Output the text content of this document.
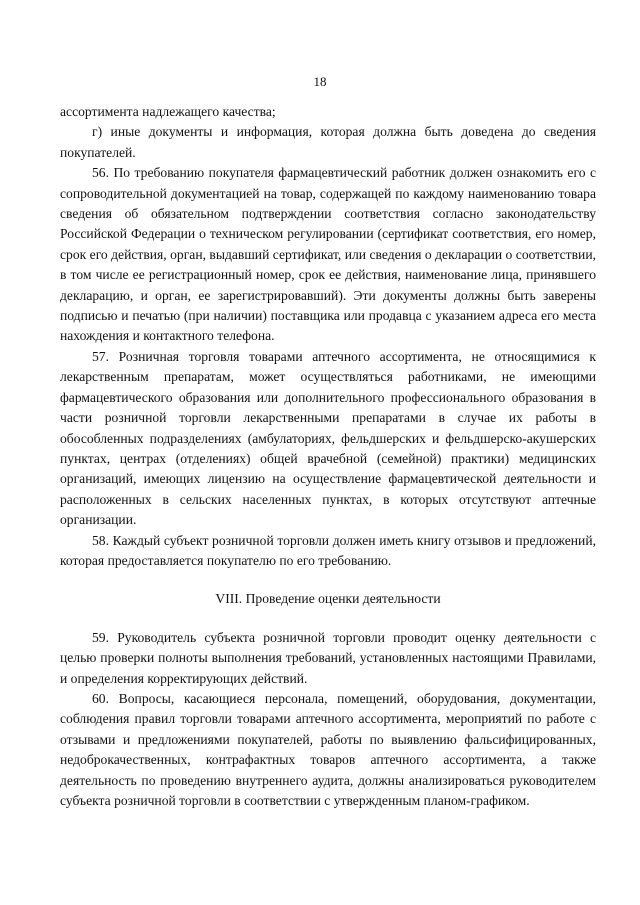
18

ассортимента надлежащего качества;

г) иные документы и информация, которая должна быть доведена до сведения покупателей.

56. По требованию покупателя фармацевтический работник должен ознакомить его с сопроводительной документацией на товар, содержащей по каждому наименованию товара сведения об обязательном подтверждении соответствия согласно законодательству Российской Федерации о техническом регулировании (сертификат соответствия, его номер, срок его действия, орган, выдавший сертификат, или сведения о декларации о соответствии, в том числе ее регистрационный номер, срок ее действия, наименование лица, принявшего декларацию, и орган, ее зарегистрировавший). Эти документы должны быть заверены подписью и печатью (при наличии) поставщика или продавца с указанием адреса его места нахождения и контактного телефона.

57. Розничная торговля товарами аптечного ассортимента, не относящимися к лекарственным препаратам, может осуществляться работниками, не имеющими фармацевтического образования или дополнительного профессионального образования в части розничной торговли лекарственными препаратами в случае их работы в обособленных подразделениях (амбулаториях, фельдшерских и фельдшерско-акушерских пунктах, центрах (отделениях) общей врачебной (семейной) практики) медицинских организаций, имеющих лицензию на осуществление фармацевтической деятельности и расположенных в сельских населенных пунктах, в которых отсутствуют аптечные организации.

58. Каждый субъект розничной торговли должен иметь книгу отзывов и предложений, которая предоставляется покупателю по его требованию.

VIII. Проведение оценки деятельности

59. Руководитель субъекта розничной торговли проводит оценку деятельности с целью проверки полноты выполнения требований, установленных настоящими Правилами, и определения корректирующих действий.

60. Вопросы, касающиеся персонала, помещений, оборудования, документации, соблюдения правил торговли товарами аптечного ассортимента, мероприятий по работе с отзывами и предложениями покупателей, работы по выявлению фальсифицированных, недоброкачественных, контрафактных товаров аптечного ассортимента, а также деятельность по проведению внутреннего аудита, должны анализироваться руководителем субъекта розничной торговли в соответствии с утвержденным планом-графиком.
